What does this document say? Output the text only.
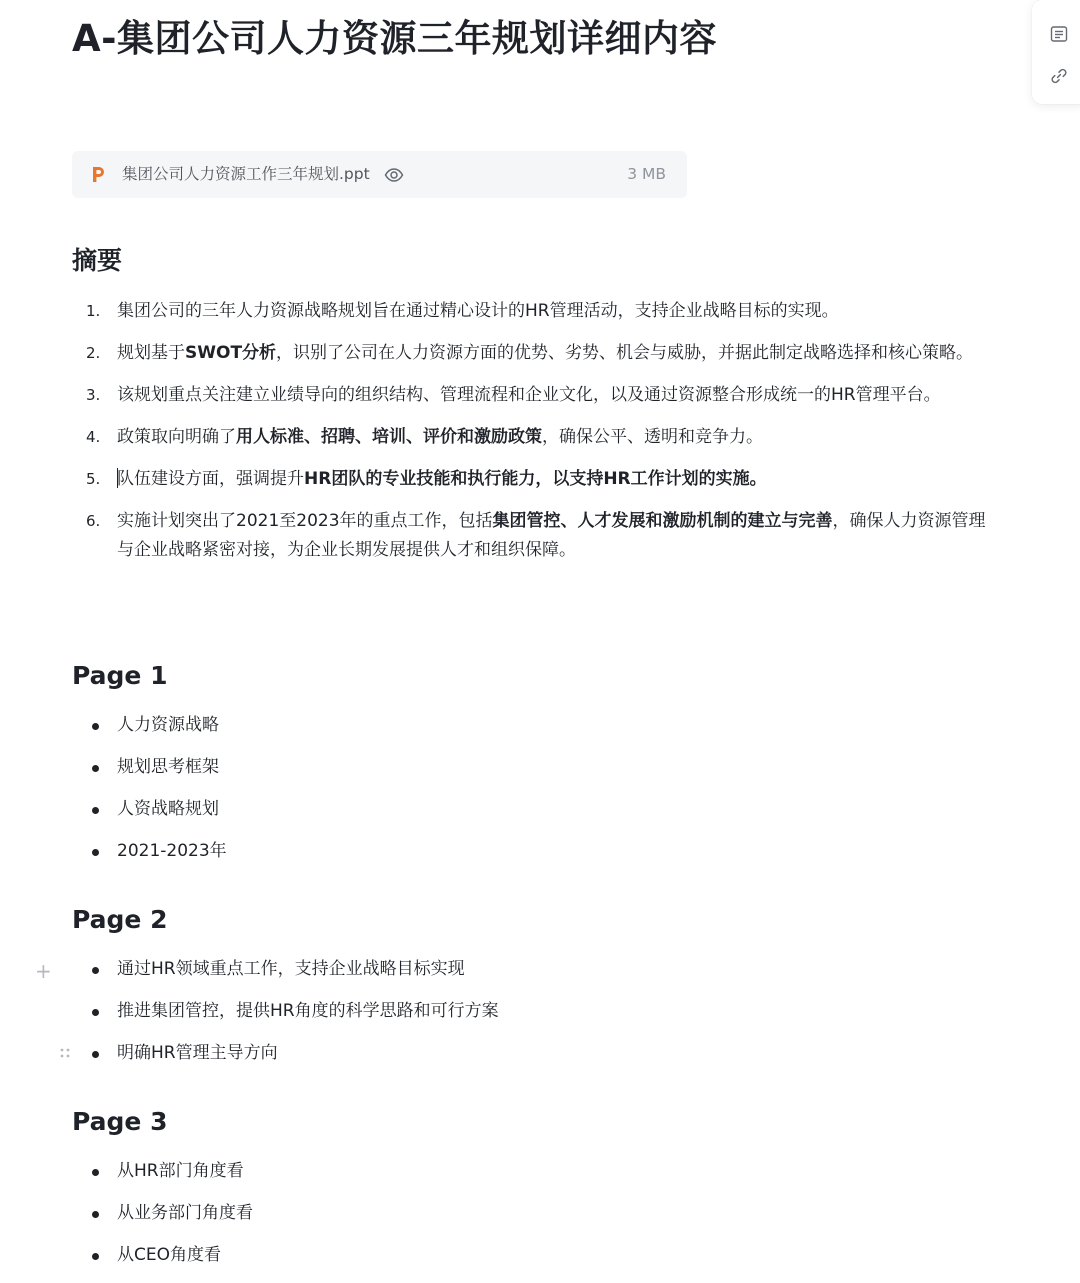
A-集团公司人力资源三年规划详细内容
集团公司人力资源工作三年规划.ppt	3 MB
摘要
1. 集团公司的三年人力资源战略规划旨在通过精心设计的HR管理活动，支持企业战略目标的实现。
2. 规划基于SWOT分析，识别了公司在人力资源方面的优势、劣势、机会与威胁，并据此制定战略选择和核心策略。
3. 该规划重点关注建立业绩导向的组织结构、管理流程和企业文化，以及通过资源整合形成统一的HR管理平台。
4. 政策取向明确了用人标准、招聘、培训、评价和激励政策，确保公平、透明和竞争力。
5. 队伍建设方面，强调提升HR团队的专业技能和执行能力，以支持HR工作计划的实施。
6. 实施计划突出了2021至2023年的重点工作，包括集团管控、人才发展和激励机制的建立与完善，确保人力资源管理与企业战略紧密对接，为企业长期发展提供人才和组织保障。
Page 1
人力资源战略
规划思考框架
人资战略规划
2021-2023年
Page 2
+	通过HR领域重点工作，支持企业战略目标实现
推进集团管控，提供HR角度的科学思路和可行方案
明确HR管理主导方向
Page 3
从HR部门角度看
从业务部门角度看
从CEO角度看
